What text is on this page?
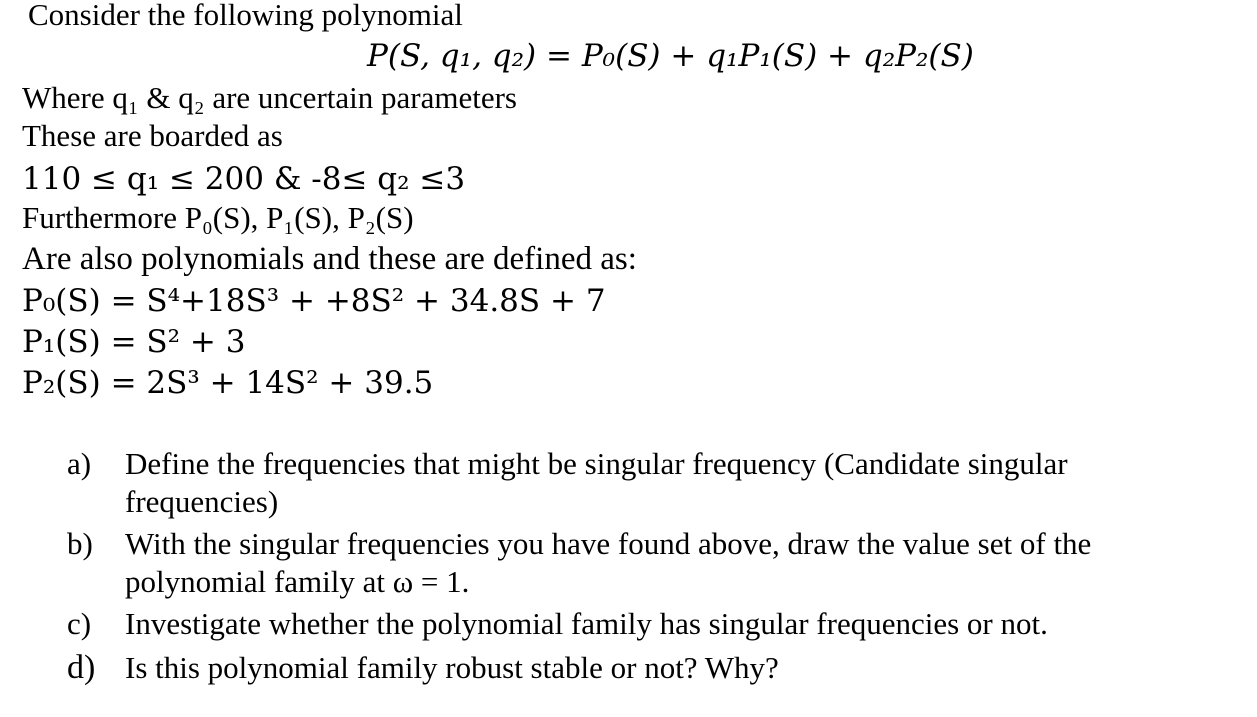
Consider the following polynomial
P(S, q₁, q₂) = P₀(S) + q₁P₁(S) + q₂P₂(S)
Where q₁ & q₂ are uncertain parameters
These are boarded as
110 ≤ q₁ ≤ 200 & -8≤ q₂ ≤3
Furthermore P₀(S), P₁(S), P₂(S)
Are also polynomials and these are defined as:
P₀(S) = S⁴+18S³ + +8S² + 34.8S + 7
P₁(S) = S² + 3
P₂(S) = 2S³ + 14S² + 39.5
a) Define the frequencies that might be singular frequency (Candidate singular
frequencies)
b) With the singular frequencies you have found above, draw the value set of the
polynomial family at ω = 1.
c) Investigate whether the polynomial family has singular frequencies or not.
d) Is this polynomial family robust stable or not? Why?
